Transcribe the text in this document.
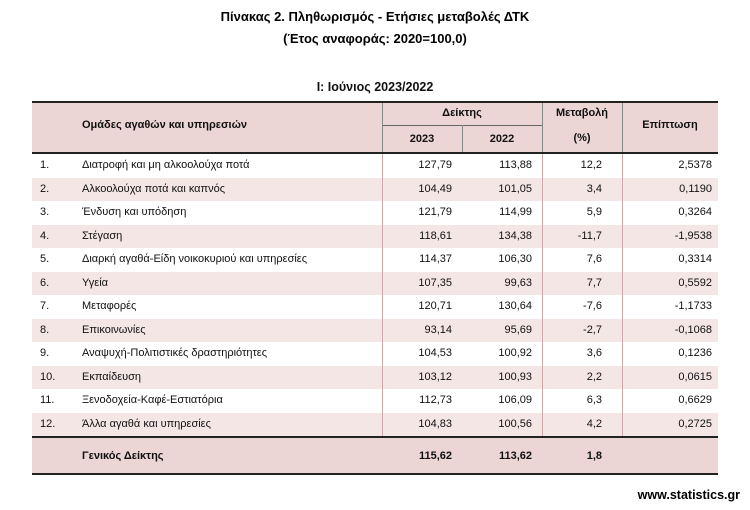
Πίνακας 2. Πληθωρισμός - Ετήσιες μεταβολές ΔΤΚ
(Έτος αναφοράς: 2020=100,0)
Ι: Ιούνιος 2023/2022
Ομάδες αγαθών και υπηρεσιών
Δείκτης
2023	2022
Μεταβολή
(%)
Επίπτωση
1.	Διατροφή και μη αλκοολούχα ποτά	127,79	113,88	12,2	2,5378
2.	Αλκοολούχα ποτά και καπνός	104,49	101,05	3,4	0,1190
3.	Ένδυση και υπόδηση	121,79	114,99	5,9	0,3264
4.	Στέγαση	118,61	134,38	-11,7	-1,9538
5.	Διαρκή αγαθά-Είδη νοικοκυριού και υπηρεσίες	114,37	106,30	7,6	0,3314
6.	Υγεία	107,35	99,63	7,7	0,5592
7.	Μεταφορές	120,71	130,64	-7,6	-1,1733
8.	Επικοινωνίες	93,14	95,69	-2,7	-0,1068
9.	Αναψυχή-Πολιτιστικές δραστηριότητες	104,53	100,92	3,6	0,1236
10. Εκπαίδευση	103,12	100,93	2,2	0,0615
11.	Ξενοδοχεία-Καφέ-Εστιατόρια	112,73	106,09	6,3	0,6629
12. Άλλα αγαθά και υπηρεσίες	104,83	100,56	4,2	0,2725
Γενικός Δείκτης	115,62	113,62	1,8
www.statistics.gr
